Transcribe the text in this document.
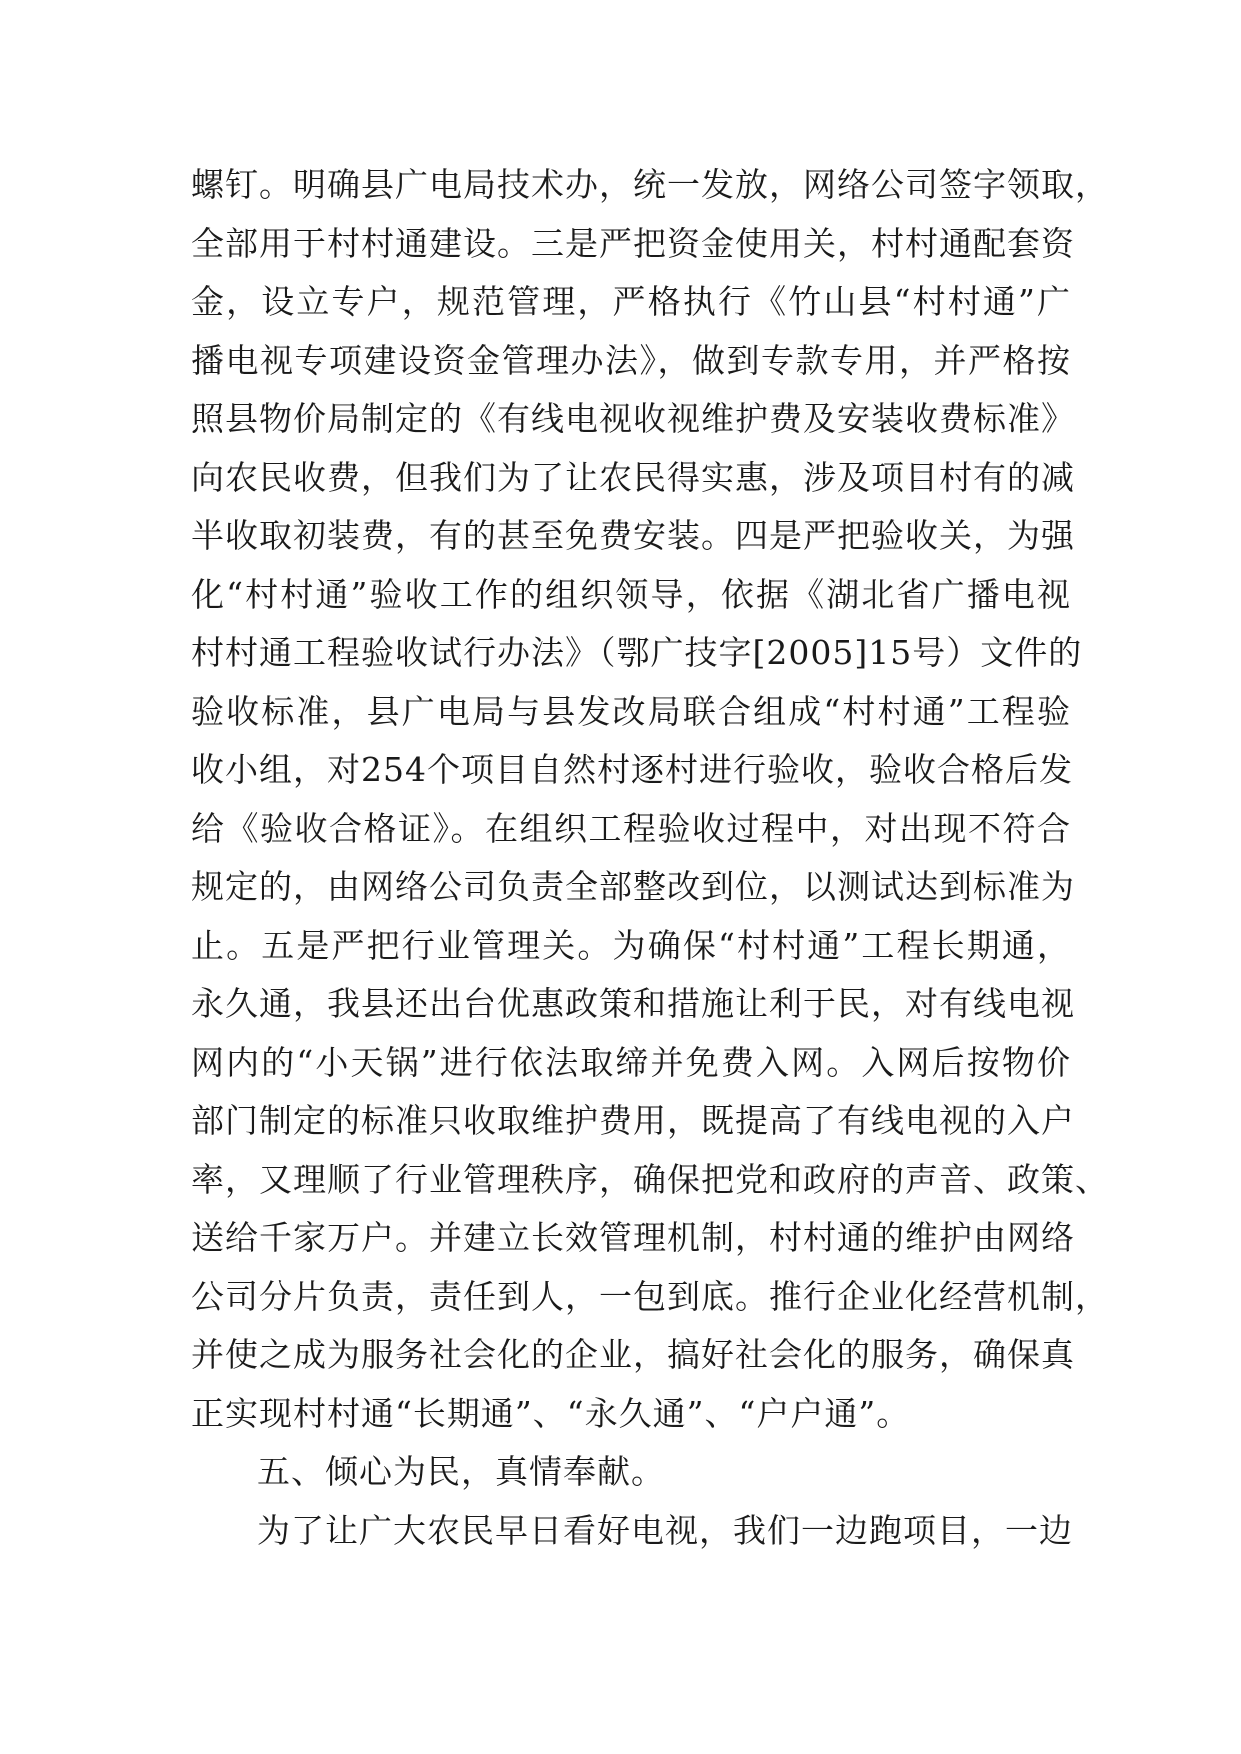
螺钉。明确县广电局技术办，统一发放，网络公司签字领取，
全部用于村村通建设。三是严把资金使用关，村村通配套资
金，设立专户，规范管理，严格执行《竹山县“村村通”广
播电视专项建设资金管理办法》，做到专款专用，并严格按
照县物价局制定的《有线电视收视维护费及安装收费标准》
向农民收费，但我们为了让农民得实惠，涉及项目村有的减
半收取初装费，有的甚至免费安装。四是严把验收关，为强
化“村村通”验收工作的组织领导，依据《湖北省广播电视
村村通工程验收试行办法》（鄂广技字[2005]15号）文件的
验收标准，县广电局与县发改局联合组成“村村通”工程验
收小组，对254个项目自然村逐村进行验收，验收合格后发
给《验收合格证》。在组织工程验收过程中，对出现不符合
规定的，由网络公司负责全部整改到位，以测试达到标准为
止。五是严把行业管理关。为确保“村村通”工程长期通，
永久通，我县还出台优惠政策和措施让利于民，对有线电视
网内的“小天锅”进行依法取缔并免费入网。入网后按物价
部门制定的标准只收取维护费用，既提高了有线电视的入户
率，又理顺了行业管理秩序，确保把党和政府的声音、政策、
送给千家万户。并建立长效管理机制，村村通的维护由网络
公司分片负责，责任到人，一包到底。推行企业化经营机制，
并使之成为服务社会化的企业，搞好社会化的服务，确保真
正实现村村通“长期通”、“永久通”、“户户通”。
五、倾心为民，真情奉献。
为了让广大农民早日看好电视，我们一边跑项目，一边
